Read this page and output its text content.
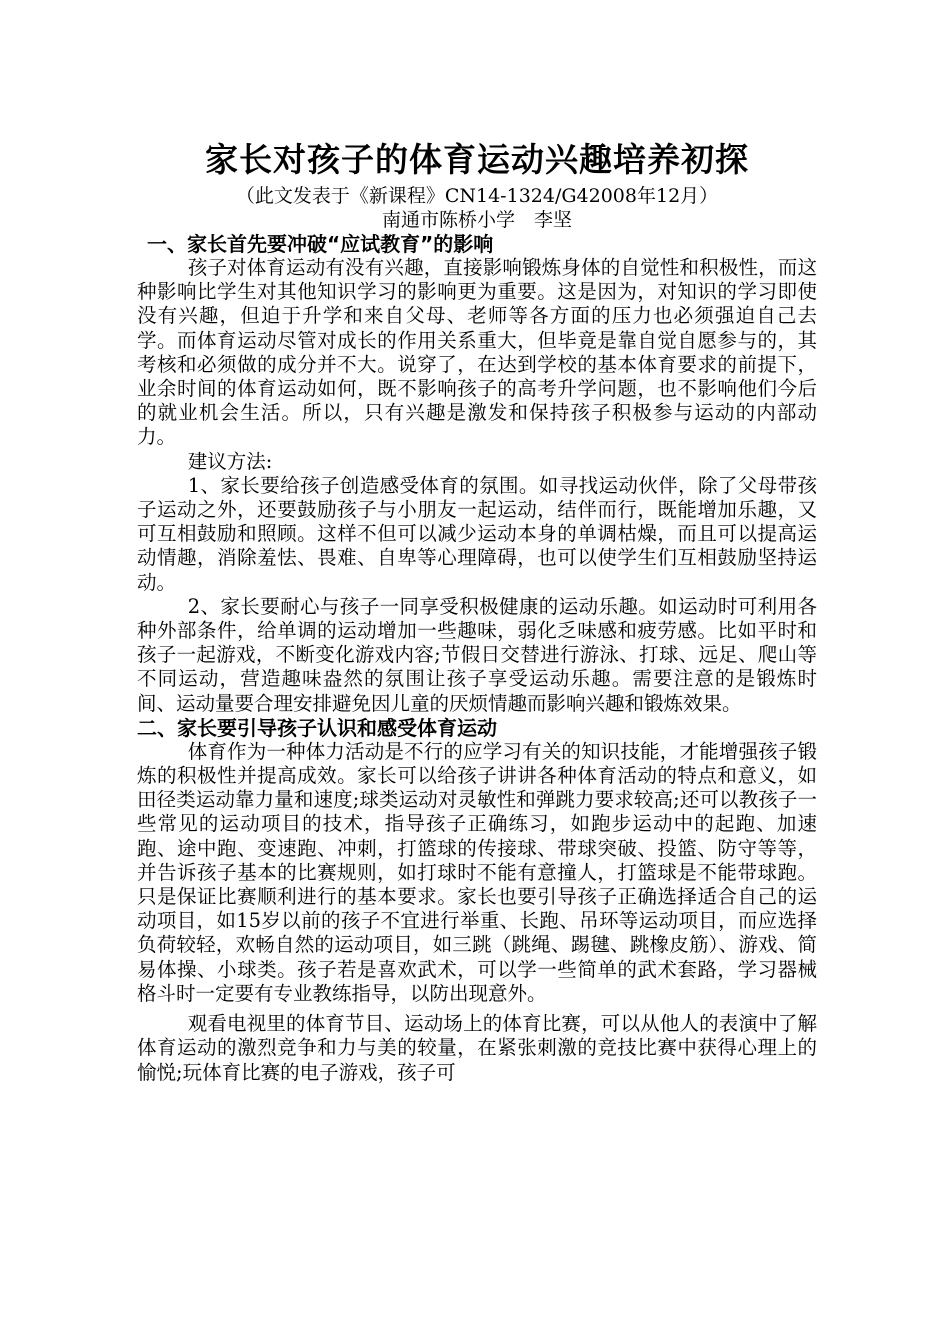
家长对孩子的体育运动兴趣培养初探

（此文发表于《新课程》CN14-1324/G42008年12月）

南通市陈桥小学　李坚

一、家长首先要冲破“应试教育”的影响

孩子对体育运动有没有兴趣，直接影响锻炼身体的自觉性和积极性，而这种影响比学生对其他知识学习的影响更为重要。这是因为，对知识的学习即使没有兴趣，但迫于升学和来自父母、老师等各方面的压力也必须强迫自己去学。而体育运动尽管对成长的作用关系重大，但毕竟是靠自觉自愿参与的，其考核和必须做的成分并不大。说穿了，在达到学校的基本体育要求的前提下，业余时间的体育运动如何，既不影响孩子的高考升学问题，也不影响他们今后的就业机会生活。所以，只有兴趣是激发和保持孩子积极参与运动的内部动力。

建议方法:

1、家长要给孩子创造感受体育的氛围。如寻找运动伙伴，除了父母带孩子运动之外，还要鼓励孩子与小朋友一起运动，结伴而行，既能增加乐趣，又可互相鼓励和照顾。这样不但可以减少运动本身的单调枯燥，而且可以提高运动情趣，消除羞怯、畏难、自卑等心理障碍，也可以使学生们互相鼓励坚持运动。

2、家长要耐心与孩子一同享受积极健康的运动乐趣。如运动时可利用各种外部条件，给单调的运动增加一些趣味，弱化乏味感和疲劳感。比如平时和孩子一起游戏，不断变化游戏内容;节假日交替进行游泳、打球、远足、爬山等不同运动，营造趣味盎然的氛围让孩子享受运动乐趣。需要注意的是锻炼时间、运动量要合理安排避免因儿童的厌烦情趣而影响兴趣和锻炼效果。

二、家长要引导孩子认识和感受体育运动

体育作为一种体力活动是不行的应学习有关的知识技能，才能增强孩子锻炼的积极性并提高成效。家长可以给孩子讲讲各种体育活动的特点和意义，如田径类运动靠力量和速度;球类运动对灵敏性和弹跳力要求较高;还可以教孩子一些常见的运动项目的技术，指导孩子正确练习，如跑步运动中的起跑、加速跑、途中跑、变速跑、冲刺，打篮球的传接球、带球突破、投篮、防守等等，并告诉孩子基本的比赛规则，如打球时不能有意撞人，打篮球是不能带球跑。只是保证比赛顺利进行的基本要求。家长也要引导孩子正确选择适合自己的运动项目，如15岁以前的孩子不宜进行举重、长跑、吊环等运动项目，而应选择负荷较轻，欢畅自然的运动项目，如三跳（跳绳、踢毽、跳橡皮筋）、游戏、简易体操、小球类。孩子若是喜欢武术，可以学一些简单的武术套路，学习器械格斗时一定要有专业教练指导，以防出现意外。

观看电视里的体育节目、运动场上的体育比赛，可以从他人的表演中了解体育运动的激烈竞争和力与美的较量，在紧张刺激的竞技比赛中获得心理上的愉悦;玩体育比赛的电子游戏，孩子可
